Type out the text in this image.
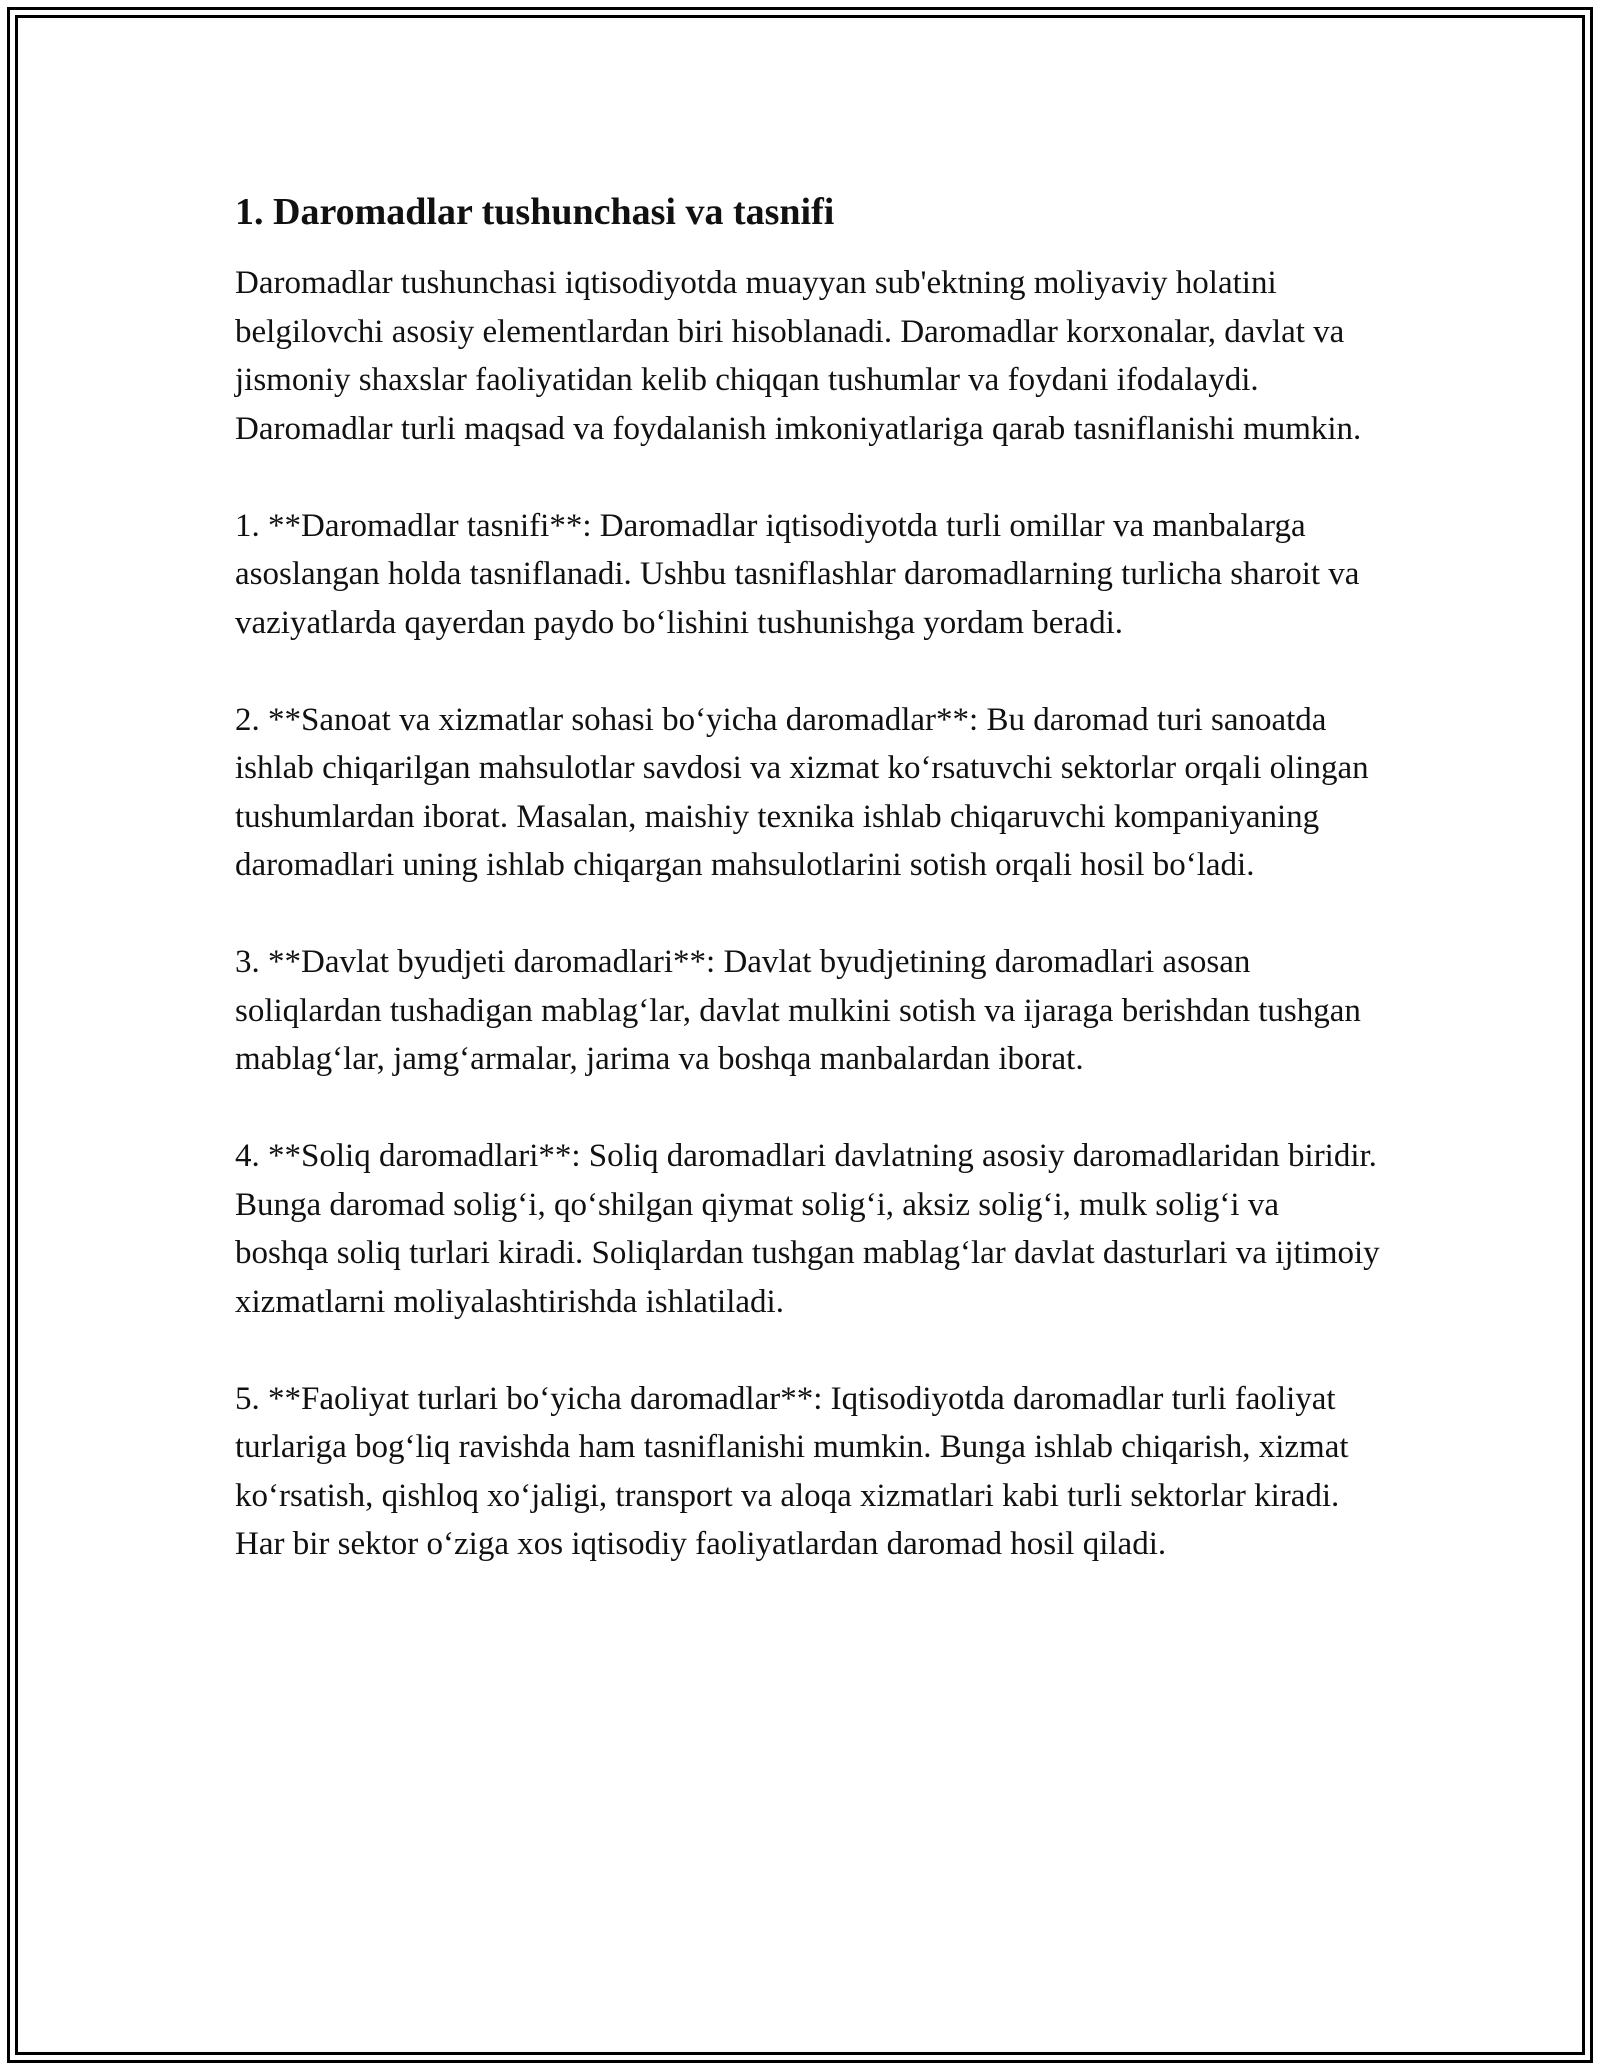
1. Daromadlar tushunchasi va tasnifi

Daromadlar tushunchasi iqtisodiyotda muayyan sub'ektning moliyaviy holatini belgilovchi asosiy elementlardan biri hisoblanadi. Daromadlar korxonalar, davlat va jismoniy shaxslar faoliyatidan kelib chiqqan tushumlar va foydani ifodalaydi. Daromadlar turli maqsad va foydalanish imkoniyatlariga qarab tasniflanishi mumkin.

1. **Daromadlar tasnifi**: Daromadlar iqtisodiyotda turli omillar va manbalarga asoslangan holda tasniflanadi. Ushbu tasniflashlar daromadlarning turlicha sharoit va vaziyatlarda qayerdan paydo bo‘lishini tushunishga yordam beradi.

2. **Sanoat va xizmatlar sohasi bo‘yicha daromadlar**: Bu daromad turi sanoatda ishlab chiqarilgan mahsulotlar savdosi va xizmat ko‘rsatuvchi sektorlar orqali olingan tushumlardan iborat. Masalan, maishiy texnika ishlab chiqaruvchi kompaniyaning daromadlari uning ishlab chiqargan mahsulotlarini sotish orqali hosil bo‘ladi.

3. **Davlat byudjeti daromadlari**: Davlat byudjetining daromadlari asosan soliqlardan tushadigan mablag‘lar, davlat mulkini sotish va ijaraga berishdan tushgan mablag‘lar, jamg‘armalar, jarima va boshqa manbalardan iborat.

4. **Soliq daromadlari**: Soliq daromadlari davlatning asosiy daromadlaridan biridir. Bunga daromad solig‘i, qo‘shilgan qiymat solig‘i, aksiz solig‘i, mulk solig‘i va boshqa soliq turlari kiradi. Soliqlardan tushgan mablag‘lar davlat dasturlari va ijtimoiy xizmatlarni moliyalashtirishda ishlatiladi.

5. **Faoliyat turlari bo‘yicha daromadlar**: Iqtisodiyotda daromadlar turli faoliyat turlariga bog‘liq ravishda ham tasniflanishi mumkin. Bunga ishlab chiqarish, xizmat ko‘rsatish, qishloq xo‘jaligi, transport va aloqa xizmatlari kabi turli sektorlar kiradi. Har bir sektor o‘ziga xos iqtisodiy faoliyatlardan daromad hosil qiladi.
